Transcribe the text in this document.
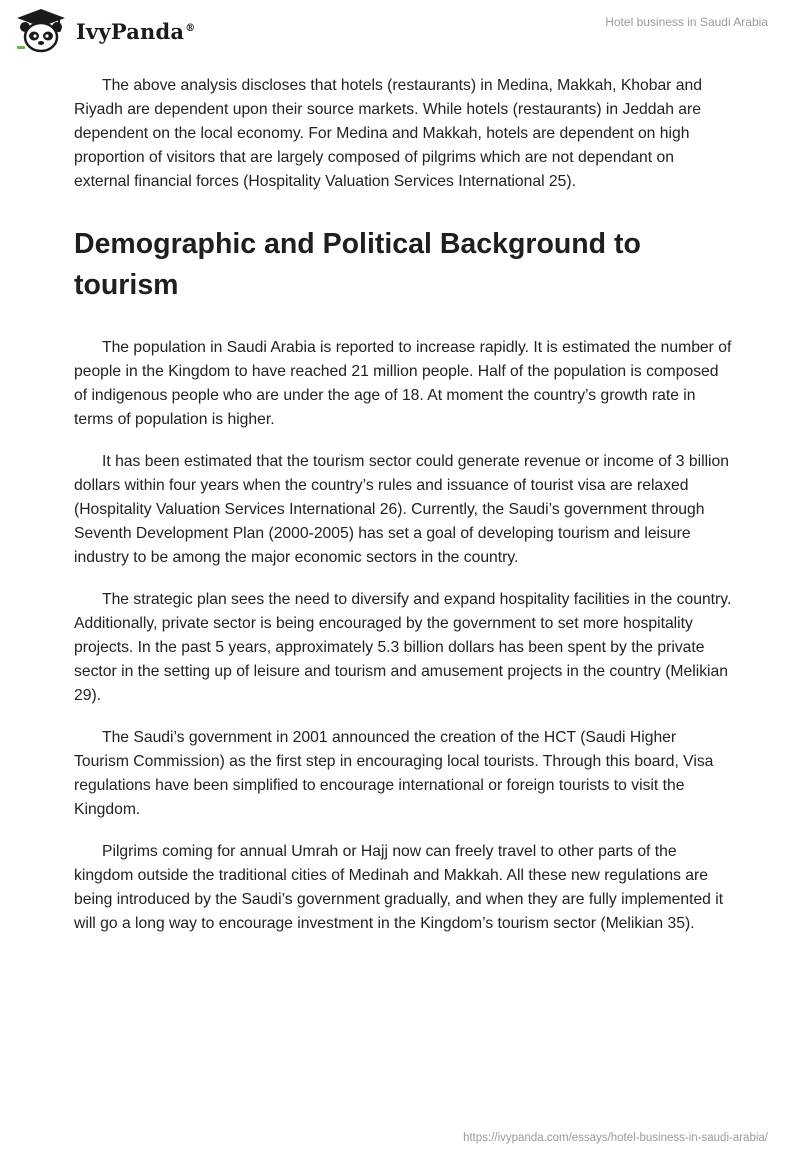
IvyPanda®	Hotel business in Saudi Arabia

The above analysis discloses that hotels (restaurants) in Medina, Makkah, Khobar and Riyadh are dependent upon their source markets. While hotels (restaurants) in Jeddah are dependent on the local economy. For Medina and Makkah, hotels are dependent on high proportion of visitors that are largely composed of pilgrims which are not dependant on external financial forces (Hospitality Valuation Services International 25).

Demographic and Political Background to tourism

The population in Saudi Arabia is reported to increase rapidly. It is estimated the number of people in the Kingdom to have reached 21 million people. Half of the population is composed of indigenous people who are under the age of 18. At moment the country’s growth rate in terms of population is higher.

It has been estimated that the tourism sector could generate revenue or income of 3 billion dollars within four years when the country’s rules and issuance of tourist visa are relaxed (Hospitality Valuation Services International 26). Currently, the Saudi’s government through Seventh Development Plan (2000-2005) has set a goal of developing tourism and leisure industry to be among the major economic sectors in the country.

The strategic plan sees the need to diversify and expand hospitality facilities in the country. Additionally, private sector is being encouraged by the government to set more hospitality projects. In the past 5 years, approximately 5.3 billion dollars has been spent by the private sector in the setting up of leisure and tourism and amusement projects in the country (Melikian 29).

The Saudi’s government in 2001 announced the creation of the HCT (Saudi Higher Tourism Commission) as the first step in encouraging local tourists. Through this board, Visa regulations have been simplified to encourage international or foreign tourists to visit the Kingdom.

Pilgrims coming for annual Umrah or Hajj now can freely travel to other parts of the kingdom outside the traditional cities of Medinah and Makkah. All these new regulations are being introduced by the Saudi’s government gradually, and when they are fully implemented it will go a long way to encourage investment in the Kingdom’s tourism sector (Melikian 35).

https://ivypanda.com/essays/hotel-business-in-saudi-arabia/
